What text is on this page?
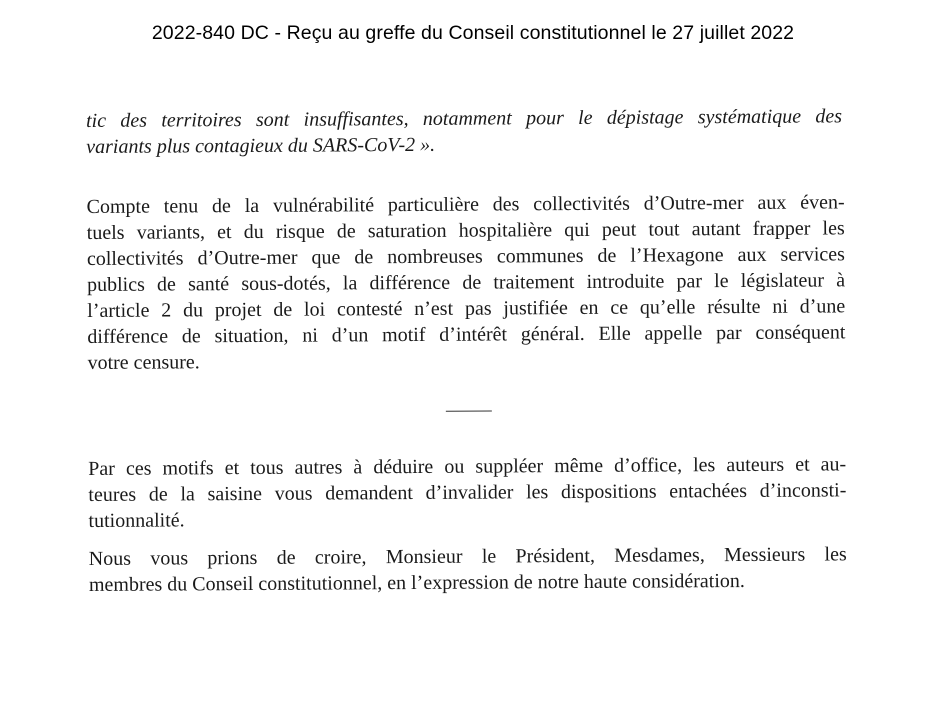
2022-840 DC - Reçu au greffe du Conseil constitutionnel le 27 juillet 2022
tic des territoires sont insuffisantes, notamment pour le dépistage systématique des
variants plus contagieux du SARS-CoV-2 ».
Compte tenu de la vulnérabilité particulière des collectivités d’Outre-mer aux éven-
tuels variants, et du risque de saturation hospitalière qui peut tout autant frapper les
collectivités d’Outre-mer que de nombreuses communes de l’Hexagone aux services
publics de santé sous-dotés, la différence de traitement introduite par le législateur à
l’article 2 du projet de loi contesté n’est pas justifiée en ce qu’elle résulte ni d’une
différence de situation, ni d’un motif d’intérêt général. Elle appelle par conséquent
votre censure.
Par ces motifs et tous autres à déduire ou suppléer même d’office, les auteurs et au-
teures de la saisine vous demandent d’invalider les dispositions entachées d’inconsti-
tutionnalité.
Nous vous prions de croire, Monsieur le Président, Mesdames, Messieurs les
membres du Conseil constitutionnel, en l’expression de notre haute considération.
